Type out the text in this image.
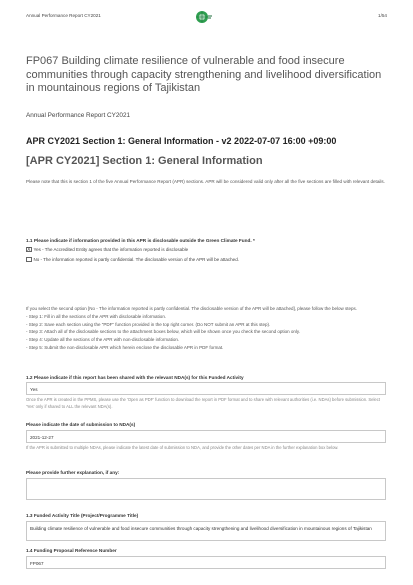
Annual Performance Report CY2021	1/54
FP067 Building climate resilience of vulnerable and food insecure communities through capacity strengthening and livelihood diversification in mountainous regions of Tajikistan
Annual Performance Report CY2021
APR CY2021 Section 1: General Information - v2 2022-07-07 16:00 +09:00
[APR CY2021] Section 1: General Information

Please note that this is section 1 of the five Annual Performance Report (APR) sections. APR will be considered valid only after all the five sections are filled with relevant details.

1.1 Please indicate if information provided in this APR is disclosable outside the Green Climate Fund. *
X Yes - The Accredited Entity agrees that the information reported is disclosable
No - The information reported is partly confidential. The disclosable version of the APR will be attached.
If you select the second option [No - The information reported is partly confidential. The disclosable version of the APR will be attached], please follow the below steps.
- Step 1: Fill in all the sections of the APR with disclosable information.
- Step 2: Save each section using the "PDF" function provided in the top right corner. (Do NOT submit an APR at this step).
- Step 3: Attach all of the disclosable sections to the attachment boxes below, which will be shown once you check the second option only.
- Step 4: Update all the sections of the APR with non-disclosable information.
- Step 5: Submit the non-disclosable APR which herein enclose the disclosable APR in PDF format.
1.2 Please indicate if this report has been shared with the relevant NDA(s) for this Funded Activity
Yes
Once the APR is created in the PPMS, please use the 'Open as PDF' function to download the report in PDF format and to share with relevant authorities (i.e. NDAs) before submission. Select 'Yes' only if shared to ALL the relevant NDA(s).
Please indicate the date of submission to NDA(s)
2021-12-27
If the APR is submitted to multiple NDAs, please indicate the latest date of submission to NDA, and provide the other dates per NDA in the further explanation box below.
Please provide further explanation, if any:
1.3 Funded Activity Title (Project/Programme Title)
Building climate resilience of vulnerable and food insecure communities through capacity strengthening and livelihood diversification in mountainous regions of Tajikistan
1.4 Funding Proposal Reference Number
FP067
